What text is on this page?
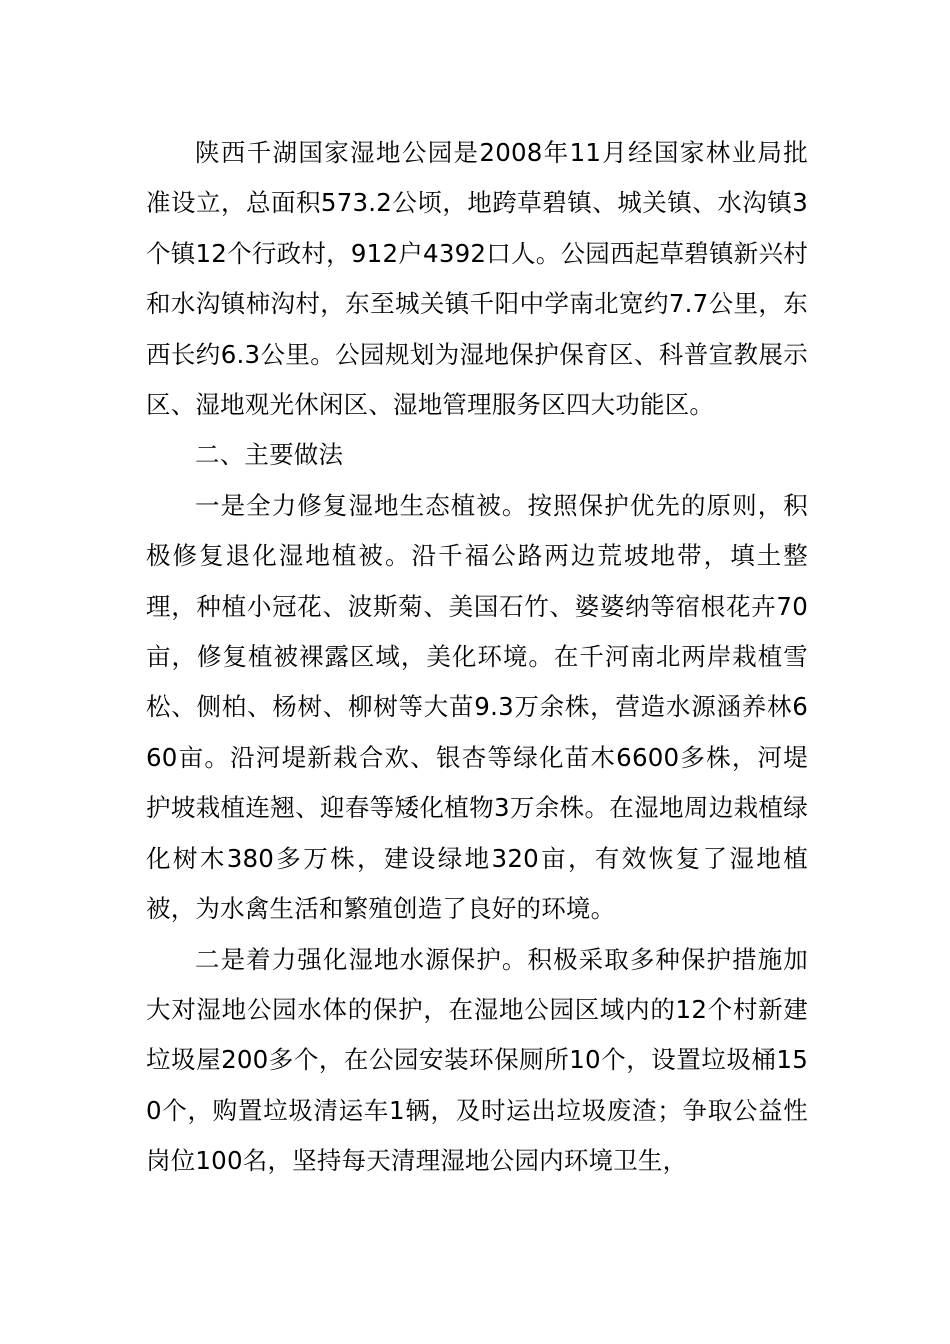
陕西千湖国家湿地公园是2008年11月经国家林业局批准设立，总面积573.2公顷，地跨草碧镇、城关镇、水沟镇3个镇12个行政村，912户4392口人。公园西起草碧镇新兴村和水沟镇柿沟村，东至城关镇千阳中学南北宽约7.7公里，东西长约6.3公里。公园规划为湿地保护保育区、科普宣教展示区、湿地观光休闲区、湿地管理服务区四大功能区。

二、主要做法

一是全力修复湿地生态植被。按照保护优先的原则，积极修复退化湿地植被。沿千福公路两边荒坡地带，填土整理，种植小冠花、波斯菊、美国石竹、婆婆纳等宿根花卉70亩，修复植被裸露区域，美化环境。在千河南北两岸栽植雪松、侧柏、杨树、柳树等大苗9.3万余株，营造水源涵养林660亩。沿河堤新栽合欢、银杏等绿化苗木6600多株，河堤护坡栽植连翘、迎春等矮化植物3万余株。在湿地周边栽植绿化树木380多万株，建设绿地320亩，有效恢复了湿地植被，为水禽生活和繁殖创造了良好的环境。

二是着力强化湿地水源保护。积极采取多种保护措施加大对湿地公园水体的保护，在湿地公园区域内的12个村新建垃圾屋200多个，在公园安装环保厕所10个，设置垃圾桶150个，购置垃圾清运车1辆，及时运出垃圾废渣；争取公益性岗位100名，坚持每天清理湿地公园内环境卫生，
